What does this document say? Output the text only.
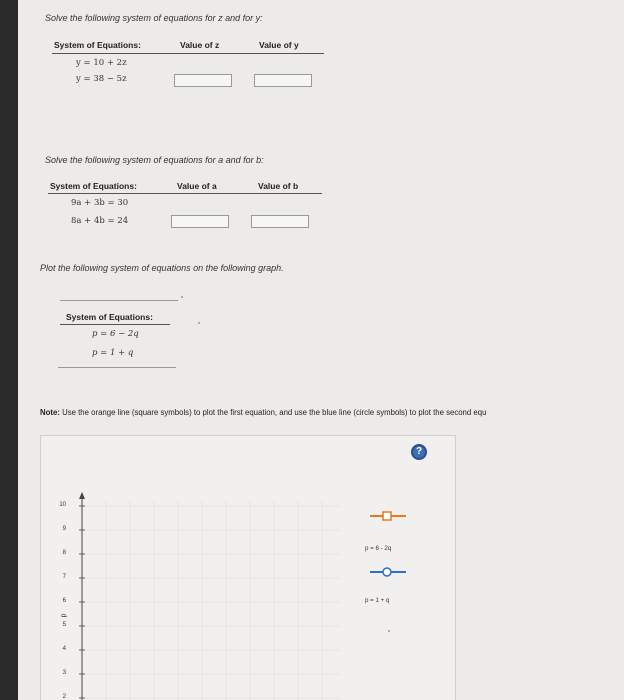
Solve the following system of equations for z and for y:
System of Equations:	Value of z	Value of y
y = 10 + 2z
y = 38 − 5z
Solve the following system of equations for a and for b:
System of Equations:	Value of a	Value of b
9a + 3b = 30
8a + 4b = 24
Plot the following system of equations on the following graph.
System of Equations:
p = 6 − 2q
p = 1 + q
Note: Use the orange line (square symbols) to plot the first equation, and use the blue line (circle symbols) to plot the second equ
?
10
9
8
7
6
5
4
3
2
p
p = 6 - 2q
p = 1 + q
